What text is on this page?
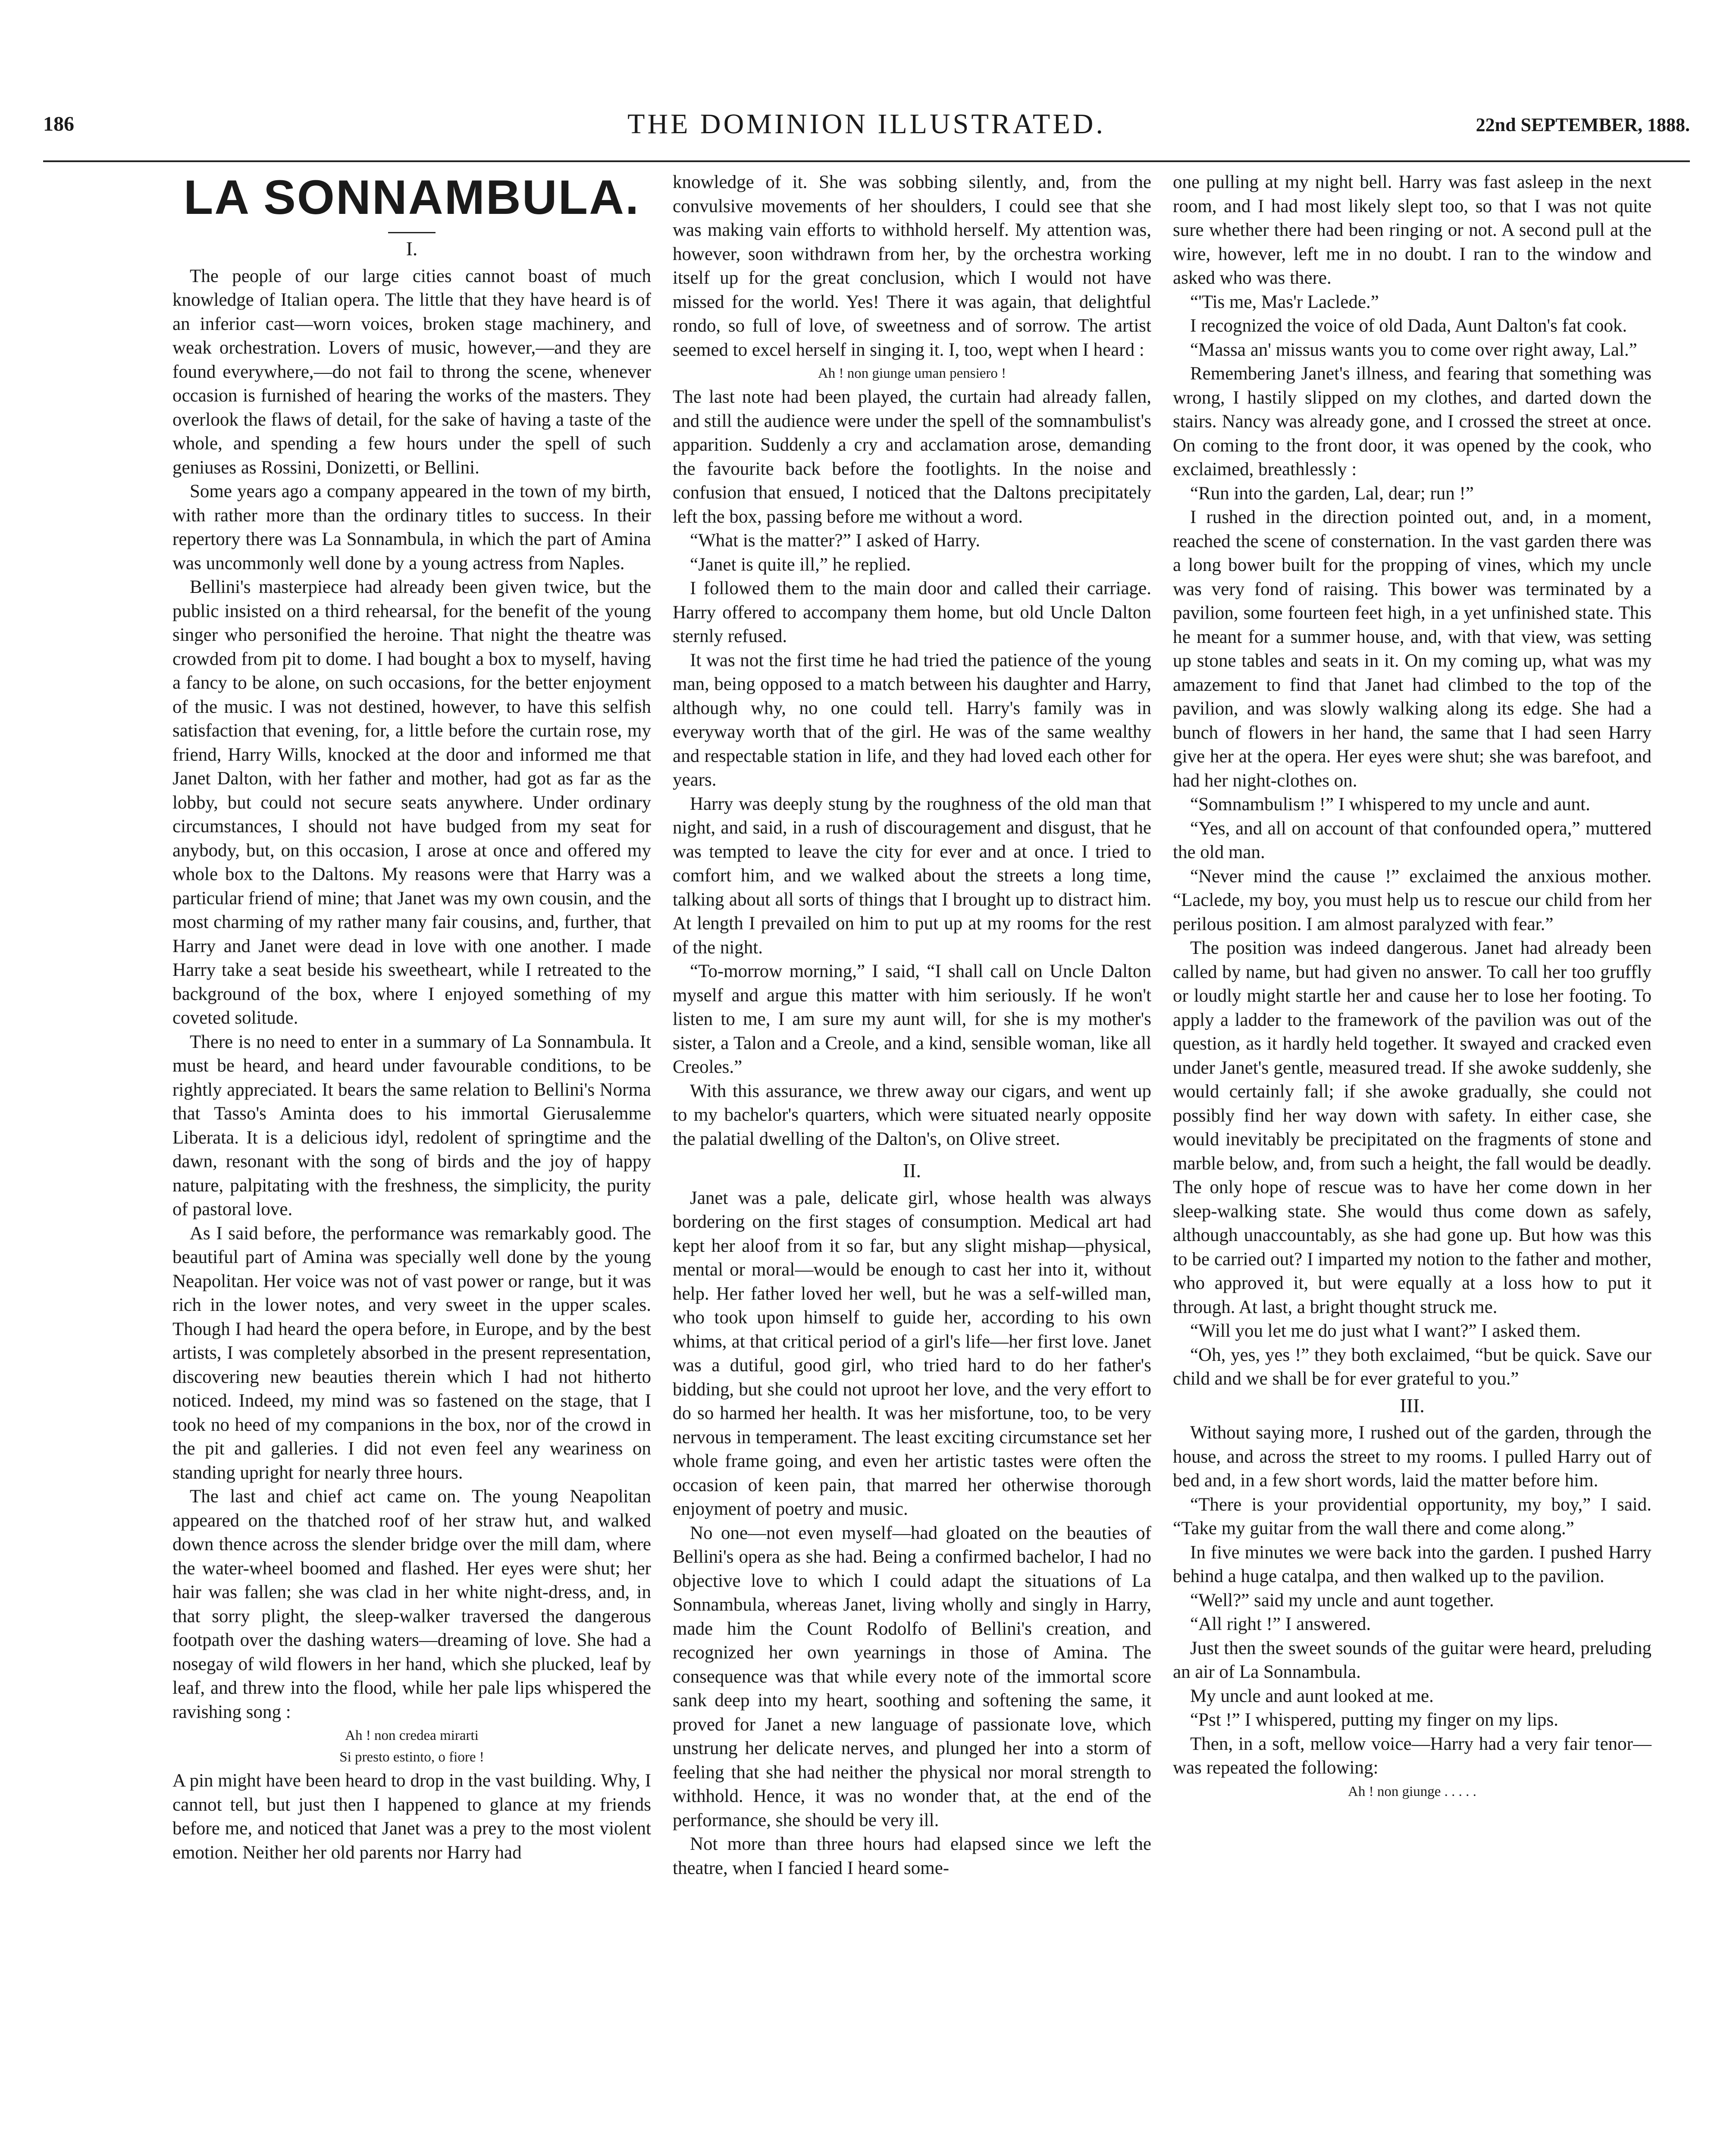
186	THE DOMINION ILLUSTRATED.	22nd SEPTEMBER, 1888.
LA SONNAMBULA.
I.

The people of our large cities cannot boast of much knowledge of Italian opera. The little that they have heard is of an inferior cast—worn voices, broken stage machinery, and weak orchestration. Lovers of music, however,—and they are found everywhere,—do not fail to throng the scene, whenever occasion is furnished of hearing the works of the masters. They overlook the flaws of detail, for the sake of having a taste of the whole, and spending a few hours under the spell of such geniuses as Rossini, Donizetti, or Bellini.

Some years ago a company appeared in the town of my birth, with rather more than the ordinary titles to success. In their repertory there was La Sonnambula, in which the part of Amina was uncommonly well done by a young actress from Naples.

Bellini's masterpiece had already been given twice, but the public insisted on a third rehearsal, for the benefit of the young singer who personified the heroine. That night the theatre was crowded from pit to dome. I had bought a box to myself, having a fancy to be alone, on such occasions, for the better enjoyment of the music. I was not destined, however, to have this selfish satisfaction that evening, for, a little before the curtain rose, my friend, Harry Wills, knocked at the door and informed me that Janet Dalton, with her father and mother, had got as far as the lobby, but could not secure seats anywhere. Under ordinary circumstances, I should not have budged from my seat for anybody, but, on this occasion, I arose at once and offered my whole box to the Daltons. My reasons were that Harry was a particular friend of mine; that Janet was my own cousin, and the most charming of my rather many fair cousins, and, further, that Harry and Janet were dead in love with one another. I made Harry take a seat beside his sweetheart, while I retreated to the background of the box, where I enjoyed something of my coveted solitude.

There is no need to enter in a summary of La Sonnambula. It must be heard, and heard under favourable conditions, to be rightly appreciated. It bears the same relation to Bellini's Norma that Tasso's Aminta does to his immortal Gierusalemme Liberata. It is a delicious idyl, redolent of springtime and the dawn, resonant with the song of birds and the joy of happy nature, palpitating with the freshness, the simplicity, the purity of pastoral love.

As I said before, the performance was remarkably good. The beautiful part of Amina was specially well done by the young Neapolitan. Her voice was not of vast power or range, but it was rich in the lower notes, and very sweet in the upper scales. Though I had heard the opera before, in Europe, and by the best artists, I was completely absorbed in the present representation, discovering new beauties therein which I had not hitherto noticed. Indeed, my mind was so fastened on the stage, that I took no heed of my companions in the box, nor of the crowd in the pit and galleries. I did not even feel any weariness on standing upright for nearly three hours.

The last and chief act came on. The young Neapolitan appeared on the thatched roof of her straw hut, and walked down thence across the slender bridge over the mill dam, where the water-wheel boomed and flashed. Her eyes were shut; her hair was fallen; she was clad in her white night-dress, and, in that sorry plight, the sleep-walker traversed the dangerous footpath over the dashing waters—dreaming of love. She had a nosegay of wild flowers in her hand, which she plucked, leaf by leaf, and threw into the flood, while her pale lips whispered the ravishing song :

Ah ! non credea mirarti
Si presto estinto, o fiore !

A pin might have been heard to drop in the vast building. Why, I cannot tell, but just then I happened to glance at my friends before me, and noticed that Janet was a prey to the most violent emotion. Neither her old parents nor Harry had

knowledge of it. She was sobbing silently, and, from the convulsive movements of her shoulders, I could see that she was making vain efforts to withhold herself. My attention was, however, soon withdrawn from her, by the orchestra working itself up for the great conclusion, which I would not have missed for the world. Yes! There it was again, that delightful rondo, so full of love, of sweetness and of sorrow. The artist seemed to excel herself in singing it. I, too, wept when I heard :

Ah ! non giunge uman pensiero !

The last note had been played, the curtain had already fallen, and still the audience were under the spell of the somnambulist's apparition. Suddenly a cry and acclamation arose, demanding the favourite back before the footlights. In the noise and confusion that ensued, I noticed that the Daltons precipitately left the box, passing before me without a word.

“What is the matter?” I asked of Harry.

“Janet is quite ill,” he replied.

I followed them to the main door and called their carriage. Harry offered to accompany them home, but old Uncle Dalton sternly refused.

It was not the first time he had tried the patience of the young man, being opposed to a match between his daughter and Harry, although why, no one could tell. Harry's family was in everyway worth that of the girl. He was of the same wealthy and respectable station in life, and they had loved each other for years.

Harry was deeply stung by the roughness of the old man that night, and said, in a rush of discouragement and disgust, that he was tempted to leave the city for ever and at once. I tried to comfort him, and we walked about the streets a long time, talking about all sorts of things that I brought up to distract him. At length I prevailed on him to put up at my rooms for the rest of the night.

“To-morrow morning,” I said, “I shall call on Uncle Dalton myself and argue this matter with him seriously. If he won't listen to me, I am sure my aunt will, for she is my mother's sister, a Talon and a Creole, and a kind, sensible woman, like all Creoles.”

With this assurance, we threw away our cigars, and went up to my bachelor's quarters, which were situated nearly opposite the palatial dwelling of the Dalton's, on Olive street.

II.

Janet was a pale, delicate girl, whose health was always bordering on the first stages of consumption. Medical art had kept her aloof from it so far, but any slight mishap—physical, mental or moral—would be enough to cast her into it, without help. Her father loved her well, but he was a self-willed man, who took upon himself to guide her, according to his own whims, at that critical period of a girl's life—her first love. Janet was a dutiful, good girl, who tried hard to do her father's bidding, but she could not uproot her love, and the very effort to do so harmed her health. It was her misfortune, too, to be very nervous in temperament. The least exciting circumstance set her whole frame going, and even her artistic tastes were often the occasion of keen pain, that marred her otherwise thorough enjoyment of poetry and music.

No one—not even myself—had gloated on the beauties of Bellini's opera as she had. Being a confirmed bachelor, I had no objective love to which I could adapt the situations of La Sonnambula, whereas Janet, living wholly and singly in Harry, made him the Count Rodolfo of Bellini's creation, and recognized her own yearnings in those of Amina. The consequence was that while every note of the immortal score sank deep into my heart, soothing and softening the same, it proved for Janet a new language of passionate love, which unstrung her delicate nerves, and plunged her into a storm of feeling that she had neither the physical nor moral strength to withhold. Hence, it was no wonder that, at the end of the performance, she should be very ill.

Not more than three hours had elapsed since we left the theatre, when I fancied I heard some-

one pulling at my night bell. Harry was fast asleep in the next room, and I had most likely slept too, so that I was not quite sure whether there had been ringing or not. A second pull at the wire, however, left me in no doubt. I ran to the window and asked who was there.

“'Tis me, Mas'r Laclede.”

I recognized the voice of old Dada, Aunt Dalton's fat cook.

“Massa an' missus wants you to come over right away, Lal.”

Remembering Janet's illness, and fearing that something was wrong, I hastily slipped on my clothes, and darted down the stairs. Nancy was already gone, and I crossed the street at once. On coming to the front door, it was opened by the cook, who exclaimed, breathlessly :

“Run into the garden, Lal, dear; run !”

I rushed in the direction pointed out, and, in a moment, reached the scene of consternation. In the vast garden there was a long bower built for the propping of vines, which my uncle was very fond of raising. This bower was terminated by a pavilion, some fourteen feet high, in a yet unfinished state. This he meant for a summer house, and, with that view, was setting up stone tables and seats in it. On my coming up, what was my amazement to find that Janet had climbed to the top of the pavilion, and was slowly walking along its edge. She had a bunch of flowers in her hand, the same that I had seen Harry give her at the opera. Her eyes were shut; she was barefoot, and had her night-clothes on.

“Somnambulism !” I whispered to my uncle and aunt.

“Yes, and all on account of that confounded opera,” muttered the old man.

“Never mind the cause !” exclaimed the anxious mother. “Laclede, my boy, you must help us to rescue our child from her perilous position. I am almost paralyzed with fear.”

The position was indeed dangerous. Janet had already been called by name, but had given no answer. To call her too gruffly or loudly might startle her and cause her to lose her footing. To apply a ladder to the framework of the pavilion was out of the question, as it hardly held together. It swayed and cracked even under Janet's gentle, measured tread. If she awoke suddenly, she would certainly fall; if she awoke gradually, she could not possibly find her way down with safety. In either case, she would inevitably be precipitated on the fragments of stone and marble below, and, from such a height, the fall would be deadly. The only hope of rescue was to have her come down in her sleep-walking state. She would thus come down as safely, although unaccountably, as she had gone up. But how was this to be carried out? I imparted my notion to the father and mother, who approved it, but were equally at a loss how to put it through. At last, a bright thought struck me.

“Will you let me do just what I want?” I asked them.

“Oh, yes, yes !” they both exclaimed, “but be quick. Save our child and we shall be for ever grateful to you.”

III.

Without saying more, I rushed out of the garden, through the house, and across the street to my rooms. I pulled Harry out of bed and, in a few short words, laid the matter before him.

“There is your providential opportunity, my boy,” I said. “Take my guitar from the wall there and come along.”

In five minutes we were back into the garden. I pushed Harry behind a huge catalpa, and then walked up to the pavilion.

“Well?” said my uncle and aunt together.

“All right !” I answered.

Just then the sweet sounds of the guitar were heard, preluding an air of La Sonnambula.

My uncle and aunt looked at me.

“Pst !” I whispered, putting my finger on my lips.

Then, in a soft, mellow voice—Harry had a very fair tenor—was repeated the following:

Ah ! non giunge . . . . .
